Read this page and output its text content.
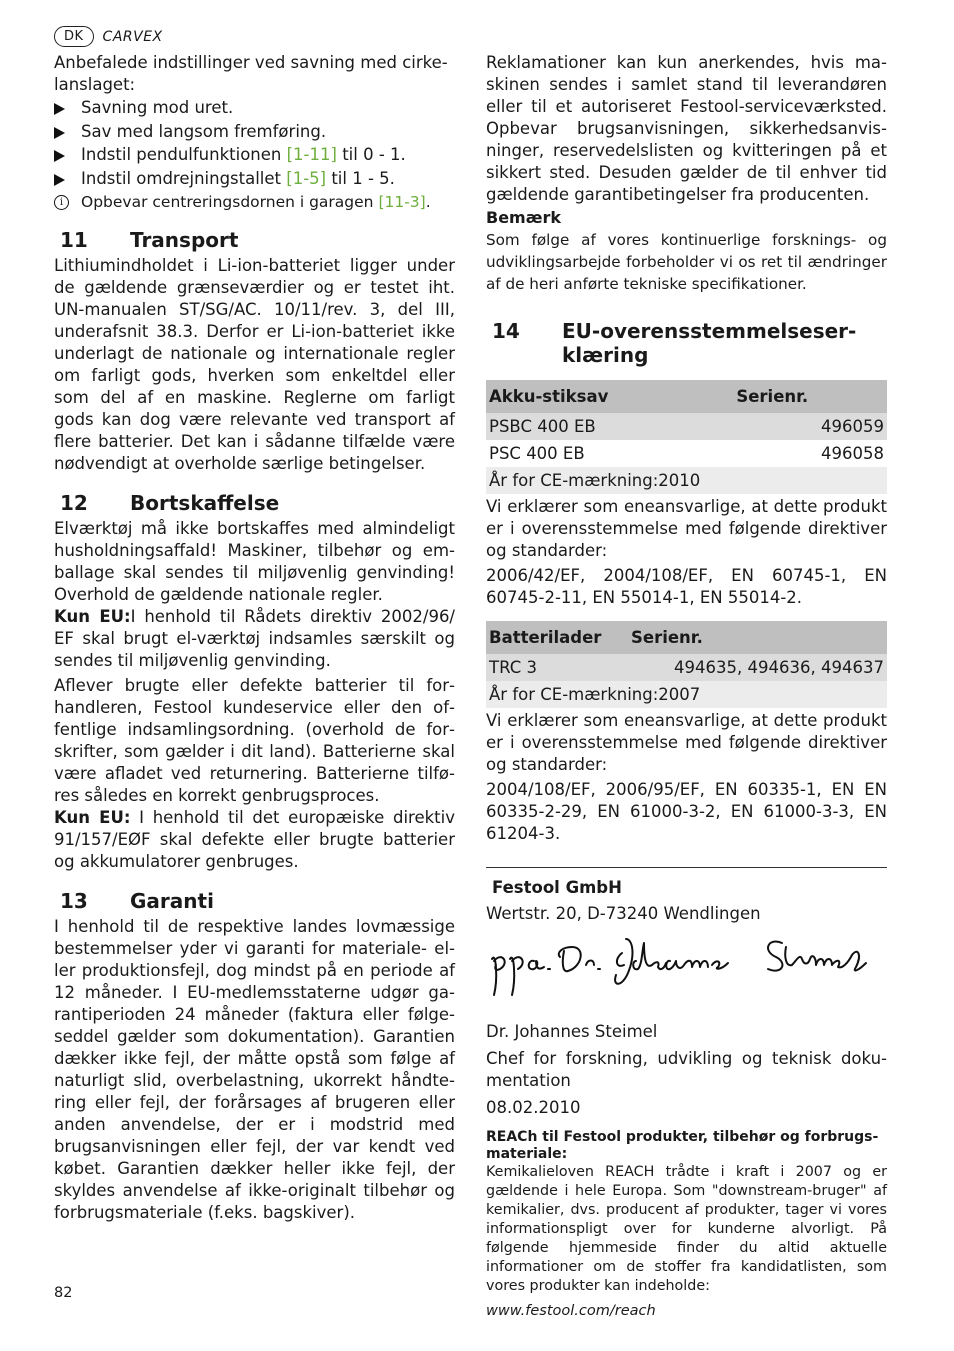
DK	CARVEX

Anbefalede indstillinger ved savning med cirkelanslaget:

Savning mod uret.
Sav med langsom fremføring.
Indstil pendulfunktionen [1-11] til 0 - 1.
Indstil omdrejningstallet [1-5] til 1 - 5.
i	Opbevar centreringsdornen i garagen [11-3].
11 Transport

Lithiumindholdet i Li-ion-batteriet ligger under de gældende grænseværdier og er testet iht. UN-manualen ST/SG/AC. 10/11/rev. 3, del III, underafsnit 38.3. Derfor er Li-ion-batteriet ikke underlagt de nationale og internationale regler om farligt gods, hverken som enkeltdel eller som del af en maskine. Reglerne om farligt gods kan dog være relevante ved transport af flere batterier. Det kan i sådanne tilfælde være nødvendigt at overholde særlige betingelser.

12 Bortskaffelse

Elværktøj må ikke bortskaffes med almindeligt husholdningsaffald! Maskiner, tilbehør og emballage skal sendes til miljøvenlig genvinding! Overhold de gældende nationale regler.

Kun EU:I henhold til Rådets direktiv 2002/96/ EF skal brugt el-værktøj indsamles særskilt og sendes til miljøvenlig genvinding.

Aflever brugte eller defekte batterier til forhandleren, Festool kundeservice eller den offentlige indsamlingsordning. (overhold de forskrifter, som gælder i dit land). Batterierne skal være afladet ved returnering. Batterierne tilføres således en korrekt genbrugsproces.

Kun EU: I henhold til det europæiske direktiv 91/157/EØF skal defekte eller brugte batterier og akkumulatorer genbruges.

13 Garanti

I henhold til de respektive landes lovmæssige bestemmelser yder vi garanti for materiale- eller produktionsfejl, dog mindst på en periode af 12 måneder. I EU-medlemsstaterne udgør garantiperioden 24 måneder (faktura eller følgeseddel gælder som dokumentation). Garantien dækker ikke fejl, der måtte opstå som følge af naturligt slid, overbelastning, ukorrekt håndtering eller fejl, der forårsages af brugeren eller anden anvendelse, der er i modstrid med brugsanvisningen eller fejl, der var kendt ved købet. Garantien dækker heller ikke fejl, der skyldes anvendelse af ikke-originalt tilbehør og forbrugsmateriale (f.eks. bagskiver).

Reklamationer kan kun anerkendes, hvis maskinen sendes i samlet stand til leverandøren eller til et autoriseret Festool-serviceværksted. Opbevar brugsanvisningen, sikkerhedsanvisninger, reservedelslisten og kvitteringen på et sikkert sted. Desuden gælder de til enhver tid gældende garantibetingelser fra producenten.

Bemærk

Som følge af vores kontinuerlige forsknings- og udviklingsarbejde forbeholder vi os ret til ændringer af de heri anførte tekniske specifikationer.

14 EU-overensstemmelseserklæring
Akku-stiksav	Serienr.
PSBC 400 EB	496059
PSC 400 EB	496058
År for CE-mærkning:2010	

Vi erklærer som eneansvarlige, at dette produkt er i overensstemmelse med følgende direktiver og standarder:

2006/42/EF, 2004/108/EF, EN 60745-1, EN 60745-2-11, EN 55014-1, EN 55014-2.

Batterilader	Serienr.
TRC 3	494635, 494636, 494637
År for CE-mærkning:2007	

Vi erklærer som eneansvarlige, at dette produkt er i overensstemmelse med følgende direktiver og standarder:

2004/108/EF, 2006/95/EF, EN 60335-1, EN EN 60335-2-29, EN 61000-3-2, EN 61000-3-3, EN 61204-3.

Festool GmbH
Wertstr. 20, D-73240 Wendlingen
Dr. Johannes Steimel

Chef for forskning, udvikling og teknisk dokumentation

08.02.2010
REACh til Festool produkter, tilbehør og forbrugsmateriale:

Kemikalieloven REACH trådte i kraft i 2007 og er gældende i hele Europa. Som "downstream-bruger" af kemikalier, dvs. producent af produkter, tager vi vores informationspligt over for kunderne alvorligt. På følgende hjemmeside finder du altid aktuelle informationer om de stoffer fra kandidatlisten, som vores produkter kan indeholde:

www.festool.com/reach
82
